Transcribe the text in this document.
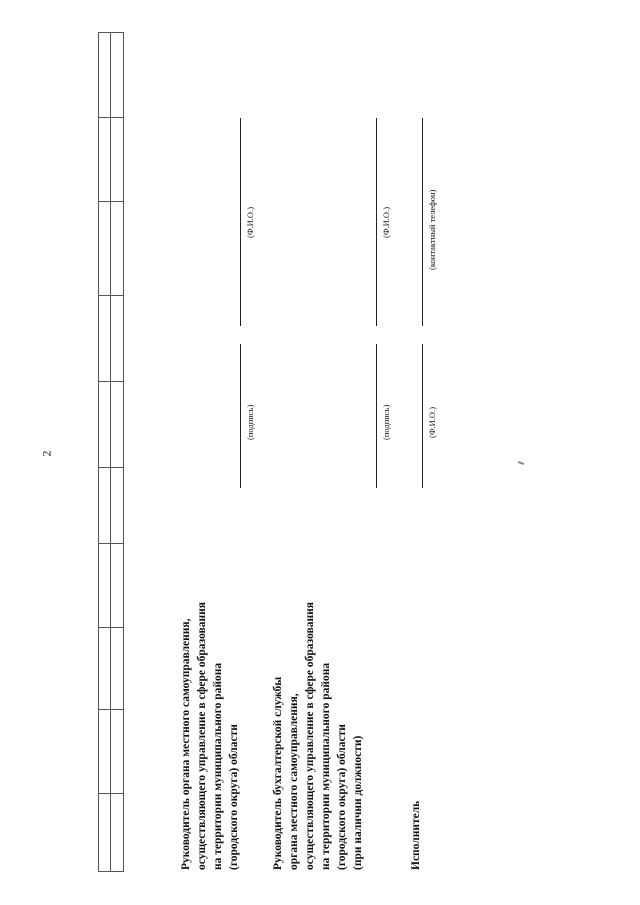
2
Руководитель органа местного самоуправления, осуществляющего управление в сфере образования на территории муниципального района (городского округа) области
(подпись)
(Ф.И.О.)
Руководитель бухгалтерской службы органа местного самоуправления, осуществляющего управление в сфере образования на территории муниципального района (городского округа) области (при наличии должности)
(подпись)
(Ф.И.О.)
Исполнитель
(Ф.И.О.)
(контактный телефон)
